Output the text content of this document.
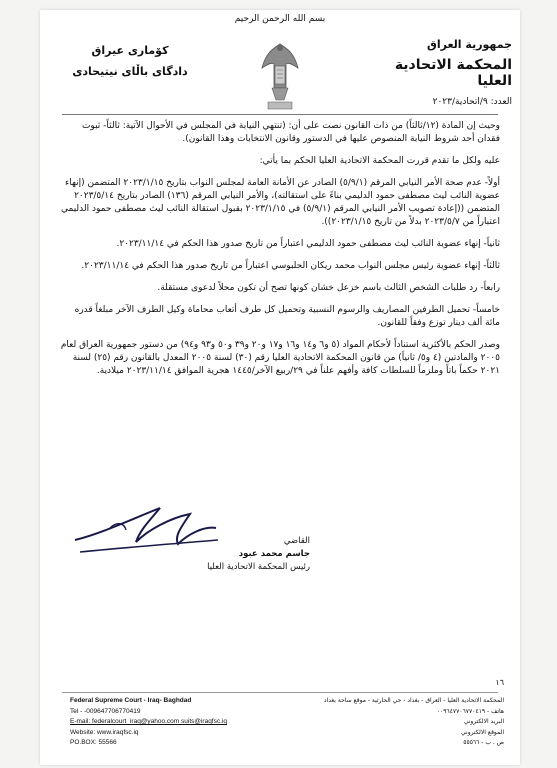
بسم الله الرحمن الرحيم
جمهورية العراق
المحكمة الاتحادية العليا
العدد: ٩/اتحادية/٢٠٢٣
كۆماری عیراق
دادگای باڵای نیتیحادی

وحيث إن المادة (١٢/ثالثاً) من ذات القانون نصت على أن: (تنتهي النيابة في المجلس في الأحوال الآتية: ثالثاً- ثبوت فقدان أحد شروط النيابة المنصوص عليها في الدستور وقانون الانتخابات وهذا القانون).

عليه ولكل ما تقدم قررت المحكمة الاتحادية العليا الحكم بما يأتي:

أولاً- عدم صحة الأمر النيابي المرقم (٥/٩/١) الصادر عن الأمانة العامة لمجلس النواب بتاريخ ٢٠٢٣/١/١٥ المتضمن (إنهاء عضوية النائب ليث مصطفى حمود الدليمي بناءً على استقالته)، والأمر النيابي المرقم (١٣٦) الصادر بتاريخ ٢٠٢٣/٥/١٤ المتضمن ((إعادة تصويب الأمر النيابي المرقم (٥/٩/١) في ٢٠٢٣/١/١٥ بقبول استقالة النائب ليث مصطفى حمود الدليمي اعتباراً من ٢٠٢٣/٥/٧ بدلاً من تاريخ ٢٠٢٣/١/١٥)).

ثانياً- إنهاء عضوية النائب ليث مصطفى حمود الدليمي اعتباراً من تاريخ صدور هذا الحكم في ٢٠٢٣/١١/١٤.

ثالثاً- إنهاء عضوية رئيس مجلس النواب محمد ريكان الحلبوسي اعتباراً من تاريخ صدور هذا الحكم في ٢٠٢٣/١١/١٤.

رابعاً- رد طلبات الشخص الثالث باسم خزعل خشان كونها تصح أن تكون محلاً لدعوى مستقلة.

خامساً- تحميل الطرفين المصاريف والرسوم النسبية وتحميل كل طرف أتعاب محاماة وكيل الطرف الآخر مبلغاً قدره مائة ألف دينار توزع وفقاً للقانون.

وصدر الحكم بالأكثرية استناداً لأحكام المواد (٥ و٦ و١٤ و١٦ و١٧ و٢٠ و٣٩ و٥٠ و٩٣ و٩٤) من دستور جمهورية العراق لعام ٢٠٠٥ والمادتين (٤ و٥/ ثانياً) من قانون المحكمة الاتحادية العليا رقم (٣٠) لسنة ٢٠٠٥ المعدل بالقانون رقم (٢٥) لسنة ٢٠٢١ حكماً باتاً وملزماً للسلطات كافة وأفهم علناً في ٢٩/ربيع الآخر/١٤٤٥ هجرية الموافق ٢٠٢٣/١١/١٤ ميلادية.

القاضي
جاسم محمد عبود
رئيس المحكمة الاتحادية العليا
١٦
Federal Supreme Court - Iraq- Baghdad
Tel - -009647706770419
E-mail: federalcourt_iraq@yahoo.com suits@iraqfsc.iq
Website: www.iraqfsc.iq
PO.BOX: 55566
المحكمة الاتحادية العليا - العراق - بغداد - حي الحارثية - موقع ساحة بغداد
هاتف - ٠٠٩٦٤٧٧٠٦٧٧٠٤١٩
البريد الالكتروني
الموقع الالكتروني
ص . ب - ٥٥٥٦٦
